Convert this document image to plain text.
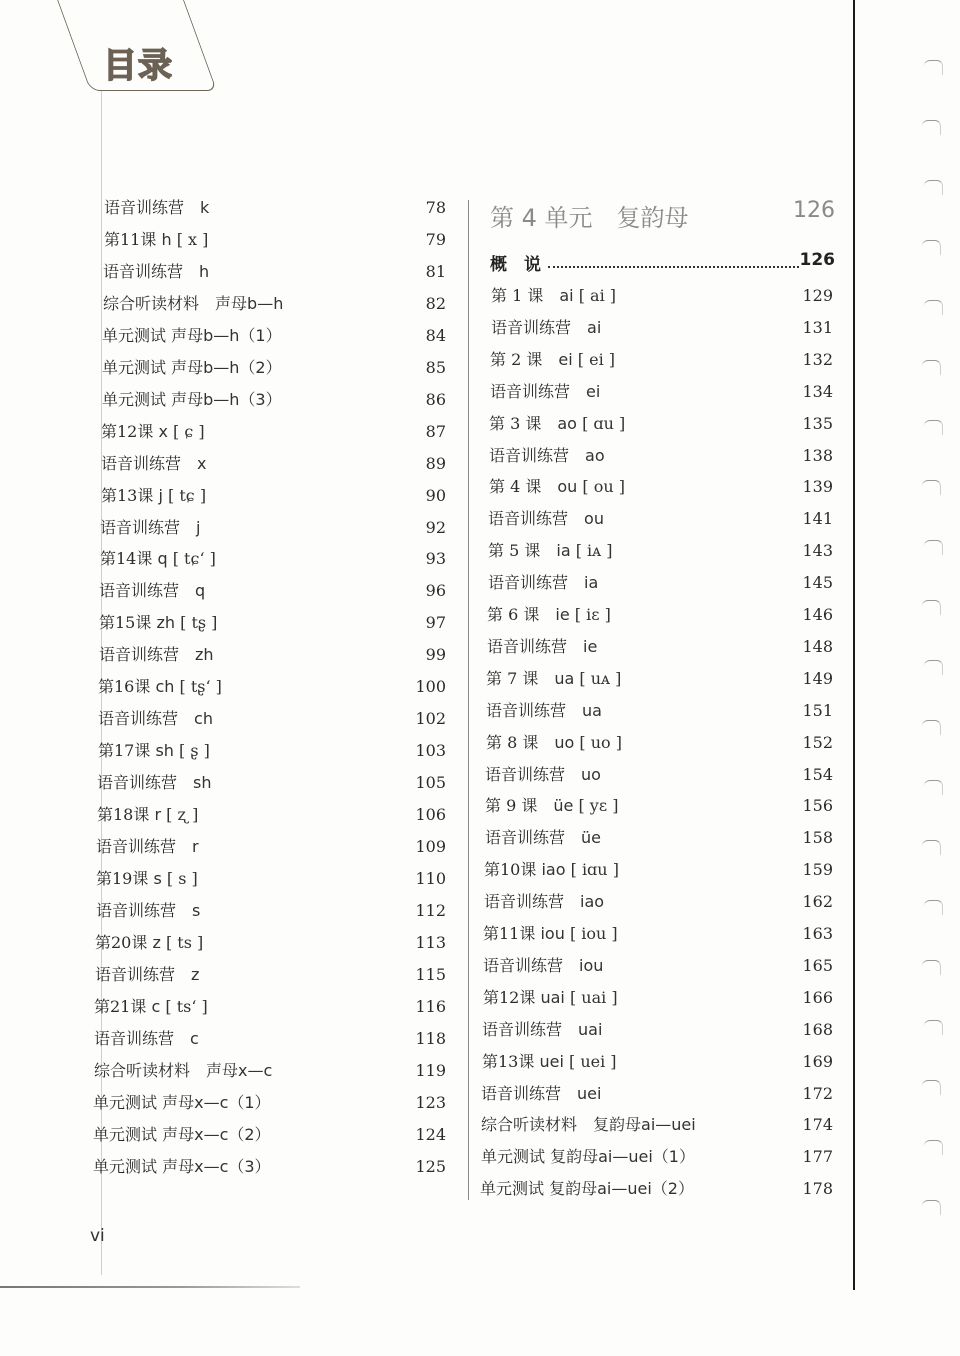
目录
语音训练营　 k	78
第11课 h [ x ]	79
语音训练营　 h	81
综合听读材料　 声母b—h	82
单元测试 声母b—h（1）	84
单元测试 声母b—h（2）	85
单元测试 声母b—h（3）	86
第12课 x [ ɕ ]	87
语音训练营　 x	89
第13课 j [ tɕ ]	90
语音训练营　 j	92
第14课 q [ tɕʻ ]	93
语音训练营　 q	96
第15课 zh [ tʂ ]	97
语音训练营　 zh	99
第16课 ch [ tʂʻ ]	100
语音训练营　 ch	102
第17课 sh [ ʂ ]	103
语音训练营　 sh	105
第18课 r [ ʐ ]	106
语音训练营　 r	109
第19课 s [ s ]	110
语音训练营　 s	112
第20课 z [ ts ]	113
语音训练营　 z	115
第21课 c [ tsʻ ]	116
语音训练营　 c	118
综合听读材料　 声母x—c	119
单元测试 声母x—c（1）	123
单元测试 声母x—c（2）	124
单元测试 声母x—c（3）	125
第 4 单元　复韵母	126
概　说	126
第 1 课　 ai [ ai ]	129
语音训练营　 ai	131
第 2 课　 ei [ ei ]	132
语音训练营　 ei	134
第 3 课　 ao [ ɑu ]	135
语音训练营　 ao	138
第 4 课　 ou [ ou ]	139
语音训练营　 ou	141
第 5 课　 ia [ iᴀ ]	143
语音训练营　 ia	145
第 6 课　 ie [ iɛ ]	146
语音训练营　 ie	148
第 7 课　 ua [ uᴀ ]	149
语音训练营　 ua	151
第 8 课　 uo [ uo ]	152
语音训练营　 uo	154
第 9 课　 üe [ yɛ ]	156
语音训练营　 üe	158
第10课 iao [ iɑu ]	159
语音训练营　 iao	162
第11课 iou [ iou ]	163
语音训练营　 iou	165
第12课 uai [ uai ]	166
语音训练营　 uai	168
第13课 uei [ uei ]	169
语音训练营　 uei	172
综合听读材料　 复韵母ai—uei	174
单元测试 复韵母ai—uei（1）	177
单元测试 复韵母ai—uei（2）	178
vi
